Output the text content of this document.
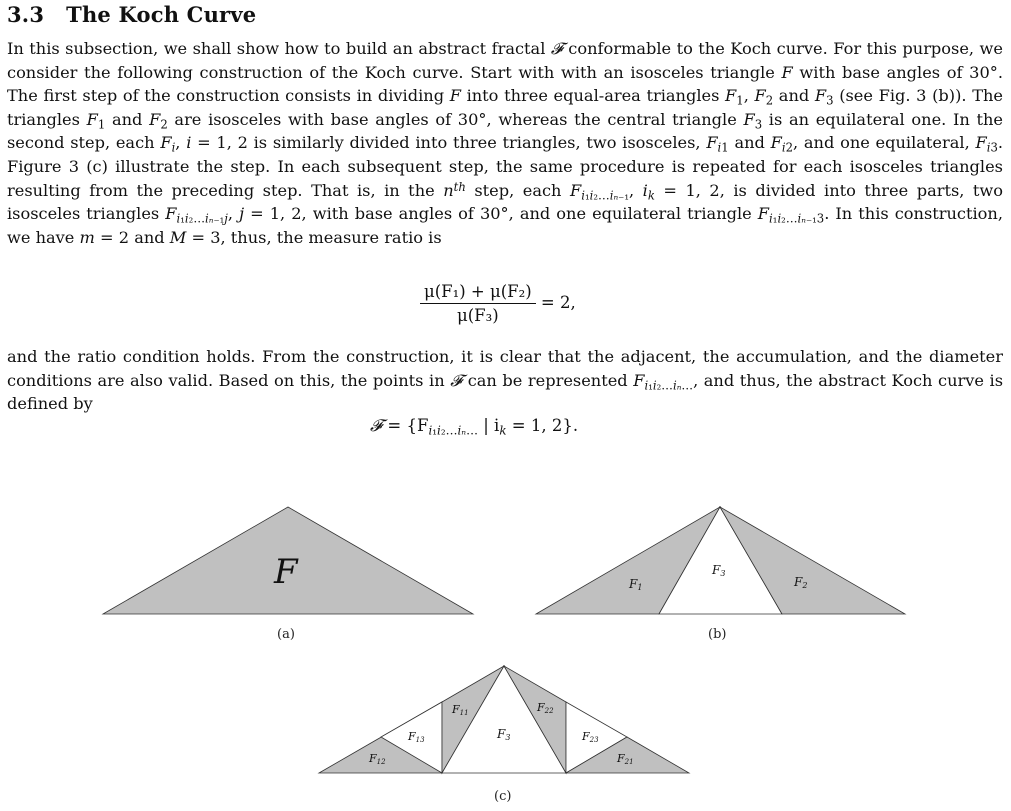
3.3 The Koch Curve
In this subsection, we shall show how to build an abstract fractal 𝓕 conformable to the Koch curve. For this purpose, we consider the following construction of the Koch curve. Start with with an isosceles triangle F with base angles of 30°. The first step of the construction consists in dividing F into three equal-area triangles $F_1$, $F_2$ and $F_3$ (see Fig. 3 (b)). The triangles $F_1$ and $F_2$ are isosceles with base angles of 30°, whereas the central triangle $F_3$ is an equilateral one. In the second step, each $F_i$, i = 1, 2 is similarly divided into three triangles, two isosceles, $F_{i1}$ and $F_{i2}$, and one equilateral, $F_{i3}$. Figure 3 (c) illustrate the step. In each subsequent step, the same procedure is repeated for each isosceles triangles resulting from the preceding step. That is, in the $n^{th}$ step, each $F_{i_1i_2\dots i_{n-1}}$, $i_k = 1$, 2, is divided into three parts, two isosceles triangles $F_{i_1i_2\dots i_{n-1}j}$, j = 1, 2, with base angles of 30°, and one equilateral triangle $F_{i_1i_2\dots i_{n-1}3}$. In this construction, we have m = 2 and M = 3, thus, the measure ratio is
$\frac{\text{μ(F₁) + μ(F₂)}}{\text{μ(F₃)}} = 2$,
and the ratio condition holds. From the construction, it is clear that the adjacent, the accumulation, and the diameter conditions are also valid. Based on this, the points in 𝓕 can be represented $F_{i_1i_2\dots i_n\dots}$, and thus, the abstract Koch curve is defined by
𝓕 = {$F_{i_1i_2\dots i_n\dots}$ | $i_k = 1$, 2}.
F
(a)
F1
F3
F2
(b)
F11
F13
F12
F3
F22
F23
F21
(c)
